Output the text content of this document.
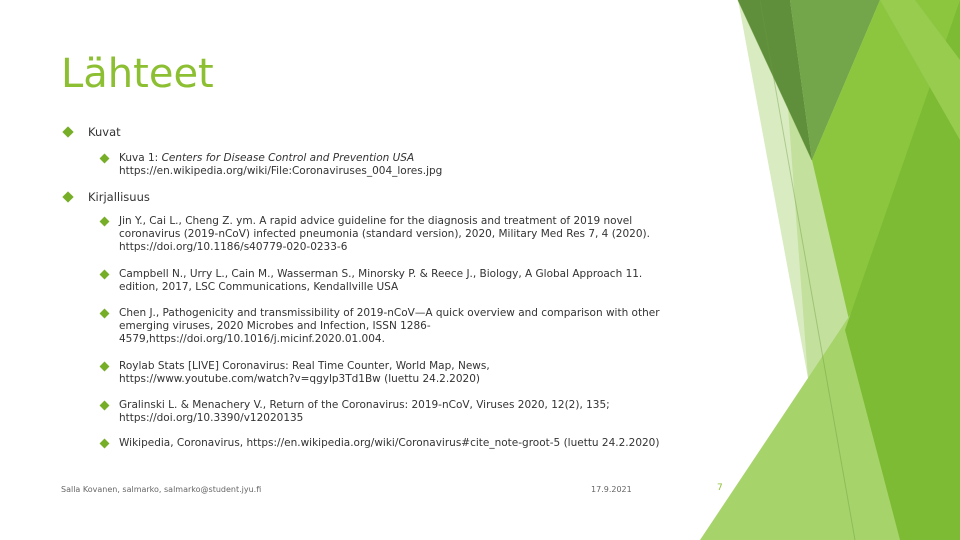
Lähteet
Kuvat
Kuva 1: Centers for Disease Control and Prevention USA
https://en.wikipedia.org/wiki/File:Coronaviruses_004_lores.jpg
Kirjallisuus
Jin Y., Cai L., Cheng Z. ym. A rapid advice guideline for the diagnosis and treatment of 2019 novel
coronavirus (2019-nCoV) infected pneumonia (standard version), 2020, Military Med Res 7, 4 (2020).
https://doi.org/10.1186/s40779-020-0233-6
Campbell N., Urry L., Cain M., Wasserman S., Minorsky P. & Reece J., Biology, A Global Approach 11.
edition, 2017, LSC Communications, Kendallville USA
Chen J., Pathogenicity and transmissibility of 2019-nCoV—A quick overview and comparison with other
emerging viruses, 2020 Microbes and Infection, ISSN 1286-
4579,https://doi.org/10.1016/j.micinf.2020.01.004.
Roylab Stats [LIVE] Coronavirus: Real Time Counter, World Map, News,
https://www.youtube.com/watch?v=qgylp3Td1Bw (luettu 24.2.2020)
Gralinski L. & Menachery V., Return of the Coronavirus: 2019-nCoV, Viruses 2020, 12(2), 135;
https://doi.org/10.3390/v12020135
Wikipedia, Coronavirus, https://en.wikipedia.org/wiki/Coronavirus#cite_note-groot-5 (luettu 24.2.2020)
Salla Kovanen, salmarko, salmarko@student.jyu.fi	17.9.2021	7
